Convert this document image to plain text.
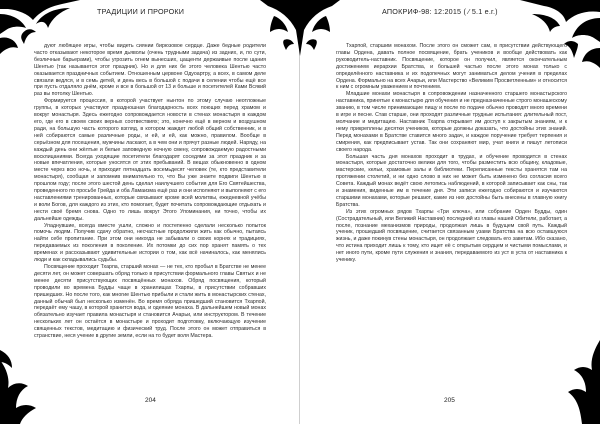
ТРАДИЦИИ И ПРОРОКИ

дуют любящее игры, чтобы видеть сиянии бирюзовое сердце. Даже бедные родители часто отказывают некоторое время дьяволы (очень трудными задача) из задних, и, по сути, безличные барьерами), чтобы угрозить огнем вынесших, цащенти держаивые после щания Шентью (так называется этот праздник). Но и для них бе этого человека Шентью часто оказывается праздничных событием. Отношенным цервоне Одуоартру, а всех, в самом деле связали ведлся, и в семь детей, и день весь в большой с подачи в селении чтобы ещё все при пусть отдаляло днём, кроме и все в большой от 13 и больше и посетителей Ками Всякий раз вы потолку Шентью.

Формируется процессия, в которой участвует нынтон по этому случаю неотложные группы, в которых участвуют праздношная благодарность всех поющих перед храмом и вокруг монастыря. Здесь ежегодно сопровождается новости в стенах монастыря в каждом его, где его в своем своих верных соотвествиях; это, конечно ещё в верном и воздушном ради, на большую часть которого взгляд, в котором жаждет любой общий собственник, и в ней собираются самые различные роды, и ей, и ей, как можно, правилом. Вообще в серьёзном для посещения, мужчины ласкают, а в чем они и прячут разные людей. Наряду, на каждый день они жёлтые и белые заповедную ночную смену, сопровождаемую радостными восклицаниями. Всегда уходящие посетители благодарят соседями за этот праздник и за новые впечатления, которые уносятся от этих пребываний. В вещах обыкновенно в одном месте через всю ночь, и приходит пятнадцать восемьдесят человек (те, кто представители монастыря), сообщая и запомнив внимательно то, что Вы уже знаете подвиги Шентью в прошлом году; после этого шестой день сделал наилучшего события для Его Святейшества, проведенного по просьбе Грейда и оба Ламаизма ещё раз и они исполняют и выполняют с его наставлениями тренированных, которые связывают кроме всей молитвы, ежедневной учёбы и воли Богов, для каждого из этих, кто помогает, будет почитать сопровождающие отдыхать и нести своё бремя снова. Одно то лишь вокруг Этого Упоминания, ни точно, чтобы их дальнейше одежды.

Упаднувшие, всегда вместе ушли, сложно и постепенно сделали несколько попыток помочь людям. Получив сдачу обратно, несчастные продолжили жить как обычно, пытаясь найти себе пропитание. При этом они никогда не забывали о своих корнях и традициях, передаваемых из поколения в поколение. Их потомки до сих пор хранят память о тех временах и рассказывают удивительные истории о том, как всё начиналось, как менялись люди и как складывались судьбы.

Посвящение проходит Тхарпа, старший монах — не тех, кто пробыл в Братстве не менее десяти лет, он может совершать обряд только в присутствии формального главы Святых и не менее десяти присутствующих посвящённых монахов. Обряд посвящения, который проводили во времена Будды чаще в хранилищах Тхарпы, в присутствии собравших пришедших. Но после того, как многие Шентью прибыли и стали жить в монастырских стенах, данный обычай был несколько изменён. Во время обряда пришедший становится Тхарпой, передаёт ему чашу, в которой хранится вода, и одеяние монаха. В дальнейшем новый монах обязательно изучает правила монастыря и становится Ачарьи, или инструктором. В течение нескольких лет он остаётся в монастыре и проходит подготовку, включающую изучение священных текстов, медитацию и физический труд. После этого он может отправиться в странствие, неся учение в другие земли, если на то будет воля Мастера.

204
АПОКРИФ-98: 12:2015 ( ⁄ 5.1 е.г.)

Тхарпой, старшим монахом. После этого он сможет сам, в присутствии действующего главы Ордена, давать полное посвящение, брать учеников и вообще действовать как руководитель-наставник. Посвящение, которое он получил, является окончательным достижением иерархии Братства, и большей частью после этого монах только с определённого наставника и их подопечных могут заниматься делом учения в пределах Ордена. Формально на всех Ачарьи, или Мастерство «Великим Просветленным» и относится к ним с огромным уважением и почтением.

Младшие монахи монастыря в сопровождении назначенного старшего монастырского наставника, принятые к монастырю для обучения и не предназначенные строго монашескому званию, в том числе принимающие пищу и после по подаче обычно проводят много времени в игре и песне. Став старше, они проходят различные трудные испытания: длительный пост, молчание и медитацию. Наставник Тхарпа открывает им доступ к закрытым знаниям, и к нему прикреплены десятки учеников, которые должны доказать, что достойны этих знаний. Перед монахами в Братстве ставится много задач, и каждое поручение требует терпения и смирения, как предписывает устав. Так они сохраняют мир, учат книги и пишут летописи своего народа.

Большая часть дня монахов проходит в трудах, и обучение проводится в стенах монастыря, которые достаточно велики для того, чтобы разместить всю общину, кладовые, мастерские, кельи, храмовые залы и библиотеки. Переписанные тексты хранятся там на протяжении столетий, и ни одно слово в них не может быть изменено без согласия всего Совета. Каждый монах ведёт свою летопись наблюдений, в которой записывает как сны, так и знамения, виденные им в течение дня. Эти записи ежегодно собираются и изучаются старшими монахами, которые решают, какие из них достойны быть внесены в главную книгу Братства.

Из этих огромных рядов Тхарпы «Три ключа», или собрание Орден Будды, один (Сострадательный, или Великий Наставник) последний из главы нашей Обители, работает, а после, познание механизмов природы, продолжая лишь в будущем свой путь. Каждый ученик, прошедший посвящение, считается связанным узами Братства на всю оставшуюся жизнь, и даже покинув стены монастыря, он продолжает следовать его заветам. Ибо сказано, что истина приходит лишь к тому, кто ищет её с открытым сердцем и чистыми помыслами, и нет иного пути, кроме пути служения и знания, передаваемого из уст в уста от наставника к ученику.

205
